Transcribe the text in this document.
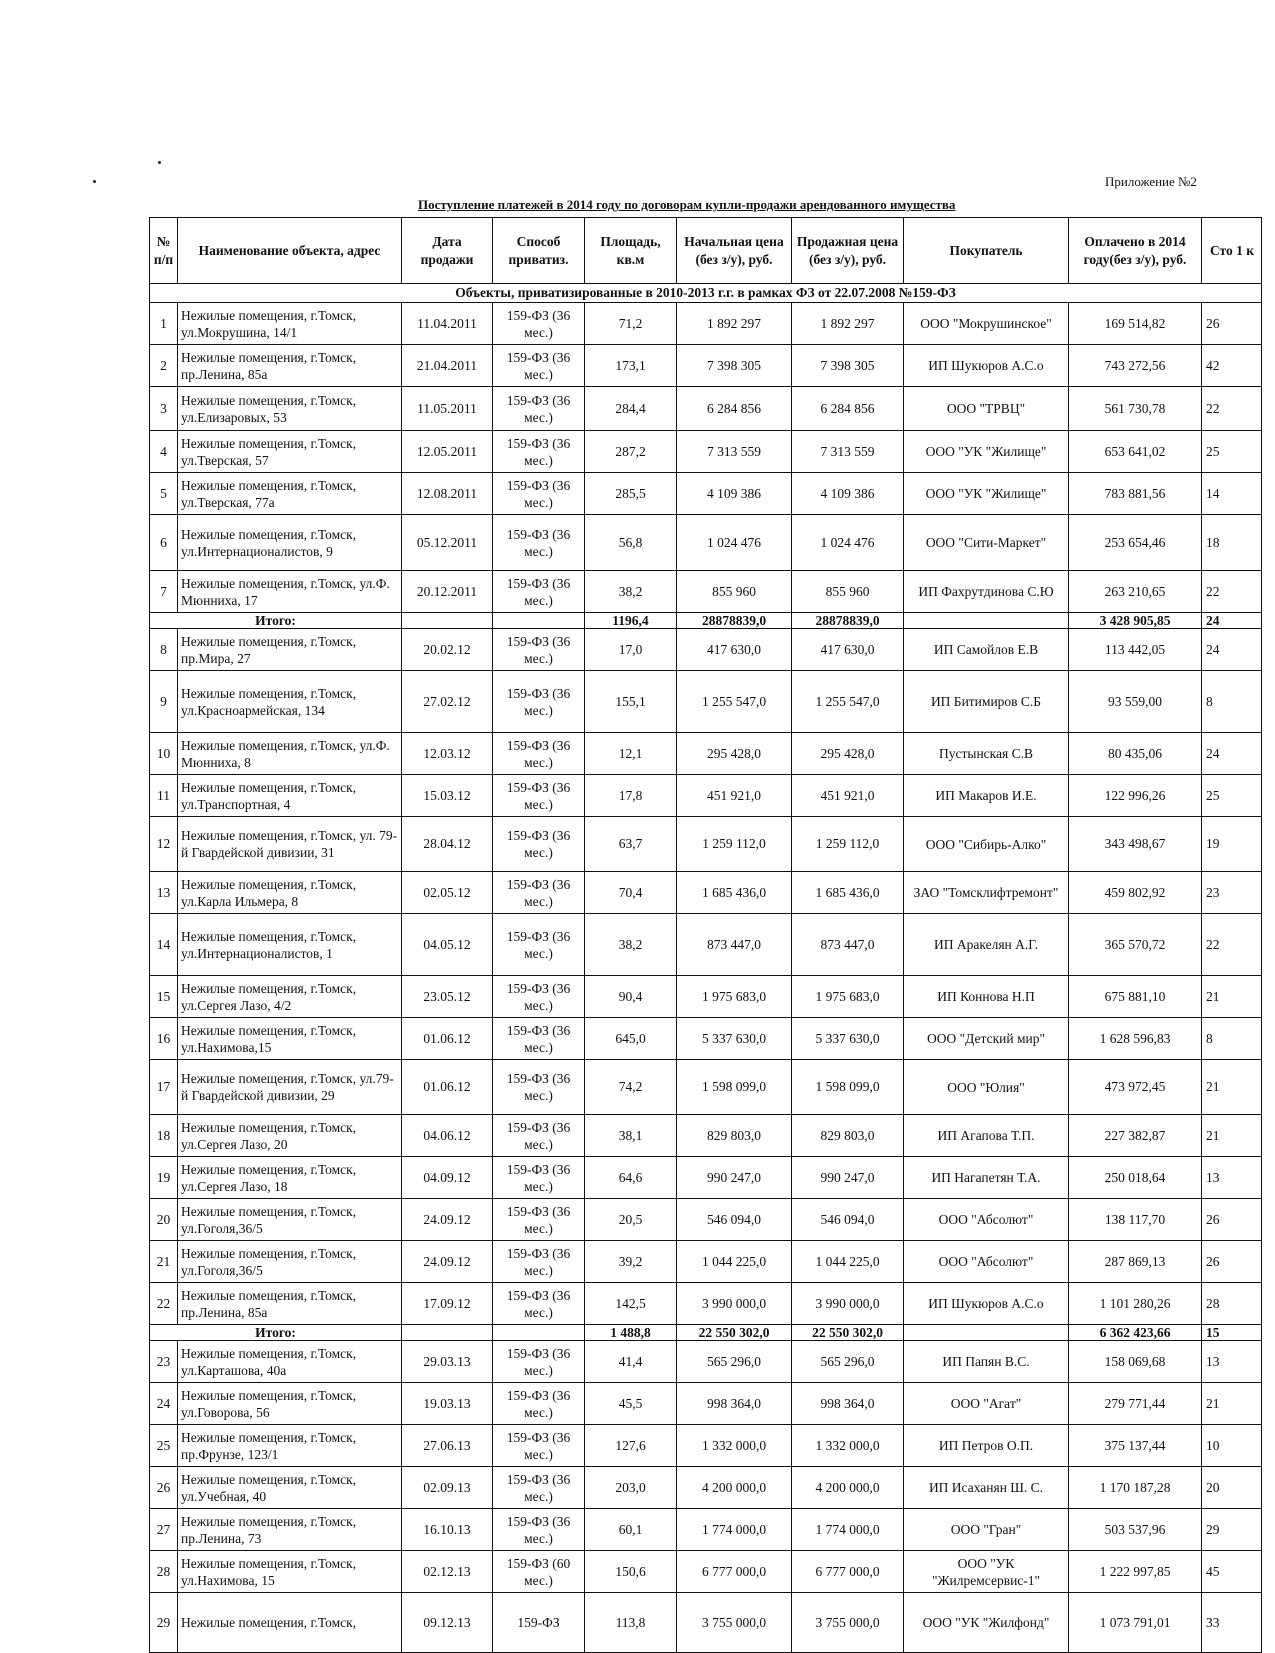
Приложение №2
Поступление платежей в 2014 году по договорам купли-продажи арендованного имущества
№ п/п	Наименование объекта, адрес	Дата продажи	Способ приватиз.	Площадь, кв.м	Начальная цена (без з/у), руб.	Продажная цена (без з/у), руб.	Покупатель	Оплачено в 2014 году(без з/у), руб.	Сто 1 к
Объекты, приватизированные в 2010-2013 г.г. в рамках ФЗ от 22.07.2008 №159-ФЗ									
1	Нежилые помещения, г.Томск, ул.Мокрушина, 14/1	11.04.2011	159-ФЗ (36 мес.)	71,2	1 892 297	1 892 297	ООО "Мокрушинское"	169 514,82	26
2	Нежилые помещения, г.Томск, пр.Ленина, 85а	21.04.2011	159-ФЗ (36 мес.)	173,1	7 398 305	7 398 305	ИП Шукюров А.С.о	743 272,56	42
3	Нежилые помещения, г.Томск, ул.Елизаровых, 53	11.05.2011	159-ФЗ (36 мес.)	284,4	6 284 856	6 284 856	ООО "ТРВЦ"	561 730,78	22
4	Нежилые помещения, г.Томск, ул.Тверская, 57	12.05.2011	159-ФЗ (36 мес.)	287,2	7 313 559	7 313 559	ООО "УК "Жилище"	653 641,02	25
5	Нежилые помещения, г.Томск, ул.Тверская, 77а	12.08.2011	159-ФЗ (36 мес.)	285,5	4 109 386	4 109 386	ООО "УК "Жилище"	783 881,56	14
6	Нежилые помещения, г.Томск, ул.Интернационалистов, 9	05.12.2011	159-ФЗ (36 мес.)	56,8	1 024 476	1 024 476	ООО "Сити-Маркет"	253 654,46	18
7	Нежилые помещения, г.Томск, ул.Ф. Мюнниха, 17	20.12.2011	159-ФЗ (36 мес.)	38,2	855 960	855 960	ИП Фахрутдинова С.Ю	263 210,65	22
Итого:				1196,4	28878839,0	28878839,0		3 428 905,85	24
8	Нежилые помещения, г.Томск, пр.Мира, 27	20.02.12	159-ФЗ (36 мес.)	17,0	417 630,0	417 630,0	ИП Самойлов Е.В	113 442,05	24
9	Нежилые помещения, г.Томск, ул.Красноармейская, 134	27.02.12	159-ФЗ (36 мес.)	155,1	1 255 547,0	1 255 547,0	ИП Битимиров С.Б	93 559,00	8
10	Нежилые помещения, г.Томск, ул.Ф. Мюнниха, 8	12.03.12	159-ФЗ (36 мес.)	12,1	295 428,0	295 428,0	Пустынская С.В	80 435,06	24
11	Нежилые помещения, г.Томск, ул.Транспортная, 4	15.03.12	159-ФЗ (36 мес.)	17,8	451 921,0	451 921,0	ИП Макаров И.Е.	122 996,26	25
12	Нежилые помещения, г.Томск, ул. 79-й Гвардейской дивизии, 31	28.04.12	159-ФЗ (36 мес.)	63,7	1 259 112,0	1 259 112,0	ООО "Сибирь-Алко"	343 498,67	19
13	Нежилые помещения, г.Томск, ул.Карла Ильмера, 8	02.05.12	159-ФЗ (36 мес.)	70,4	1 685 436,0	1 685 436,0	ЗАО "Томсклифтремонт"	459 802,92	23
14	Нежилые помещения, г.Томск, ул.Интернационалистов, 1	04.05.12	159-ФЗ (36 мес.)	38,2	873 447,0	873 447,0	ИП Аракелян А.Г.	365 570,72	22
15	Нежилые помещения, г.Томск, ул.Сергея Лазо, 4/2	23.05.12	159-ФЗ (36 мес.)	90,4	1 975 683,0	1 975 683,0	ИП Коннова Н.П	675 881,10	21
16	Нежилые помещения, г.Томск, ул.Нахимова,15	01.06.12	159-ФЗ (36 мес.)	645,0	5 337 630,0	5 337 630,0	ООО "Детский мир"	1 628 596,83	8
17	Нежилые помещения, г.Томск, ул.79-й Гвардейской дивизии, 29	01.06.12	159-ФЗ (36 мес.)	74,2	1 598 099,0	1 598 099,0	ООО "Юлия"	473 972,45	21
18	Нежилые помещения, г.Томск, ул.Сергея Лазо, 20	04.06.12	159-ФЗ (36 мес.)	38,1	829 803,0	829 803,0	ИП Агапова Т.П.	227 382,87	21
19	Нежилые помещения, г.Томск, ул.Сергея Лазо, 18	04.09.12	159-ФЗ (36 мес.)	64,6	990 247,0	990 247,0	ИП Нагапетян Т.А.	250 018,64	13
20	Нежилые помещения, г.Томск, ул.Гоголя,36/5	24.09.12	159-ФЗ (36 мес.)	20,5	546 094,0	546 094,0	ООО "Абсолют"	138 117,70	26
21	Нежилые помещения, г.Томск, ул.Гоголя,36/5	24.09.12	159-ФЗ (36 мес.)	39,2	1 044 225,0	1 044 225,0	ООО "Абсолют"	287 869,13	26
22	Нежилые помещения, г.Томск, пр.Ленина, 85а	17.09.12	159-ФЗ (36 мес.)	142,5	3 990 000,0	3 990 000,0	ИП Шукюров А.С.о	1 101 280,26	28
Итого:				1 488,8	22 550 302,0	22 550 302,0		6 362 423,66	15
23	Нежилые помещения, г.Томск, ул.Карташова, 40а	29.03.13	159-ФЗ (36 мес.)	41,4	565 296,0	565 296,0	ИП Папян В.С.	158 069,68	13
24	Нежилые помещения, г.Томск, ул.Говорова, 56	19.03.13	159-ФЗ (36 мес.)	45,5	998 364,0	998 364,0	ООО "Агат"	279 771,44	21
25	Нежилые помещения, г.Томск, пр.Фрунзе, 123/1	27.06.13	159-ФЗ (36 мес.)	127,6	1 332 000,0	1 332 000,0	ИП Петров О.П.	375 137,44	10
26	Нежилые помещения, г.Томск, ул.Учебная, 40	02.09.13	159-ФЗ (36 мес.)	203,0	4 200 000,0	4 200 000,0	ИП Исаханян Ш. С.	1 170 187,28	20
27	Нежилые помещения, г.Томск, пр.Ленина, 73	16.10.13	159-ФЗ (36 мес.)	60,1	1 774 000,0	1 774 000,0	ООО "Гран"	503 537,96	29
28	Нежилые помещения, г.Томск, ул.Нахимова, 15	02.12.13	159-ФЗ (60 мес.)	150,6	6 777 000,0	6 777 000,0	ООО "УК "Жилремсервис-1"	1 222 997,85	45
29	Нежилые помещения, г.Томск,	09.12.13	159-ФЗ	113,8	3 755 000,0	3 755 000,0	ООО "УК "Жилфонд"	1 073 791,01	33
